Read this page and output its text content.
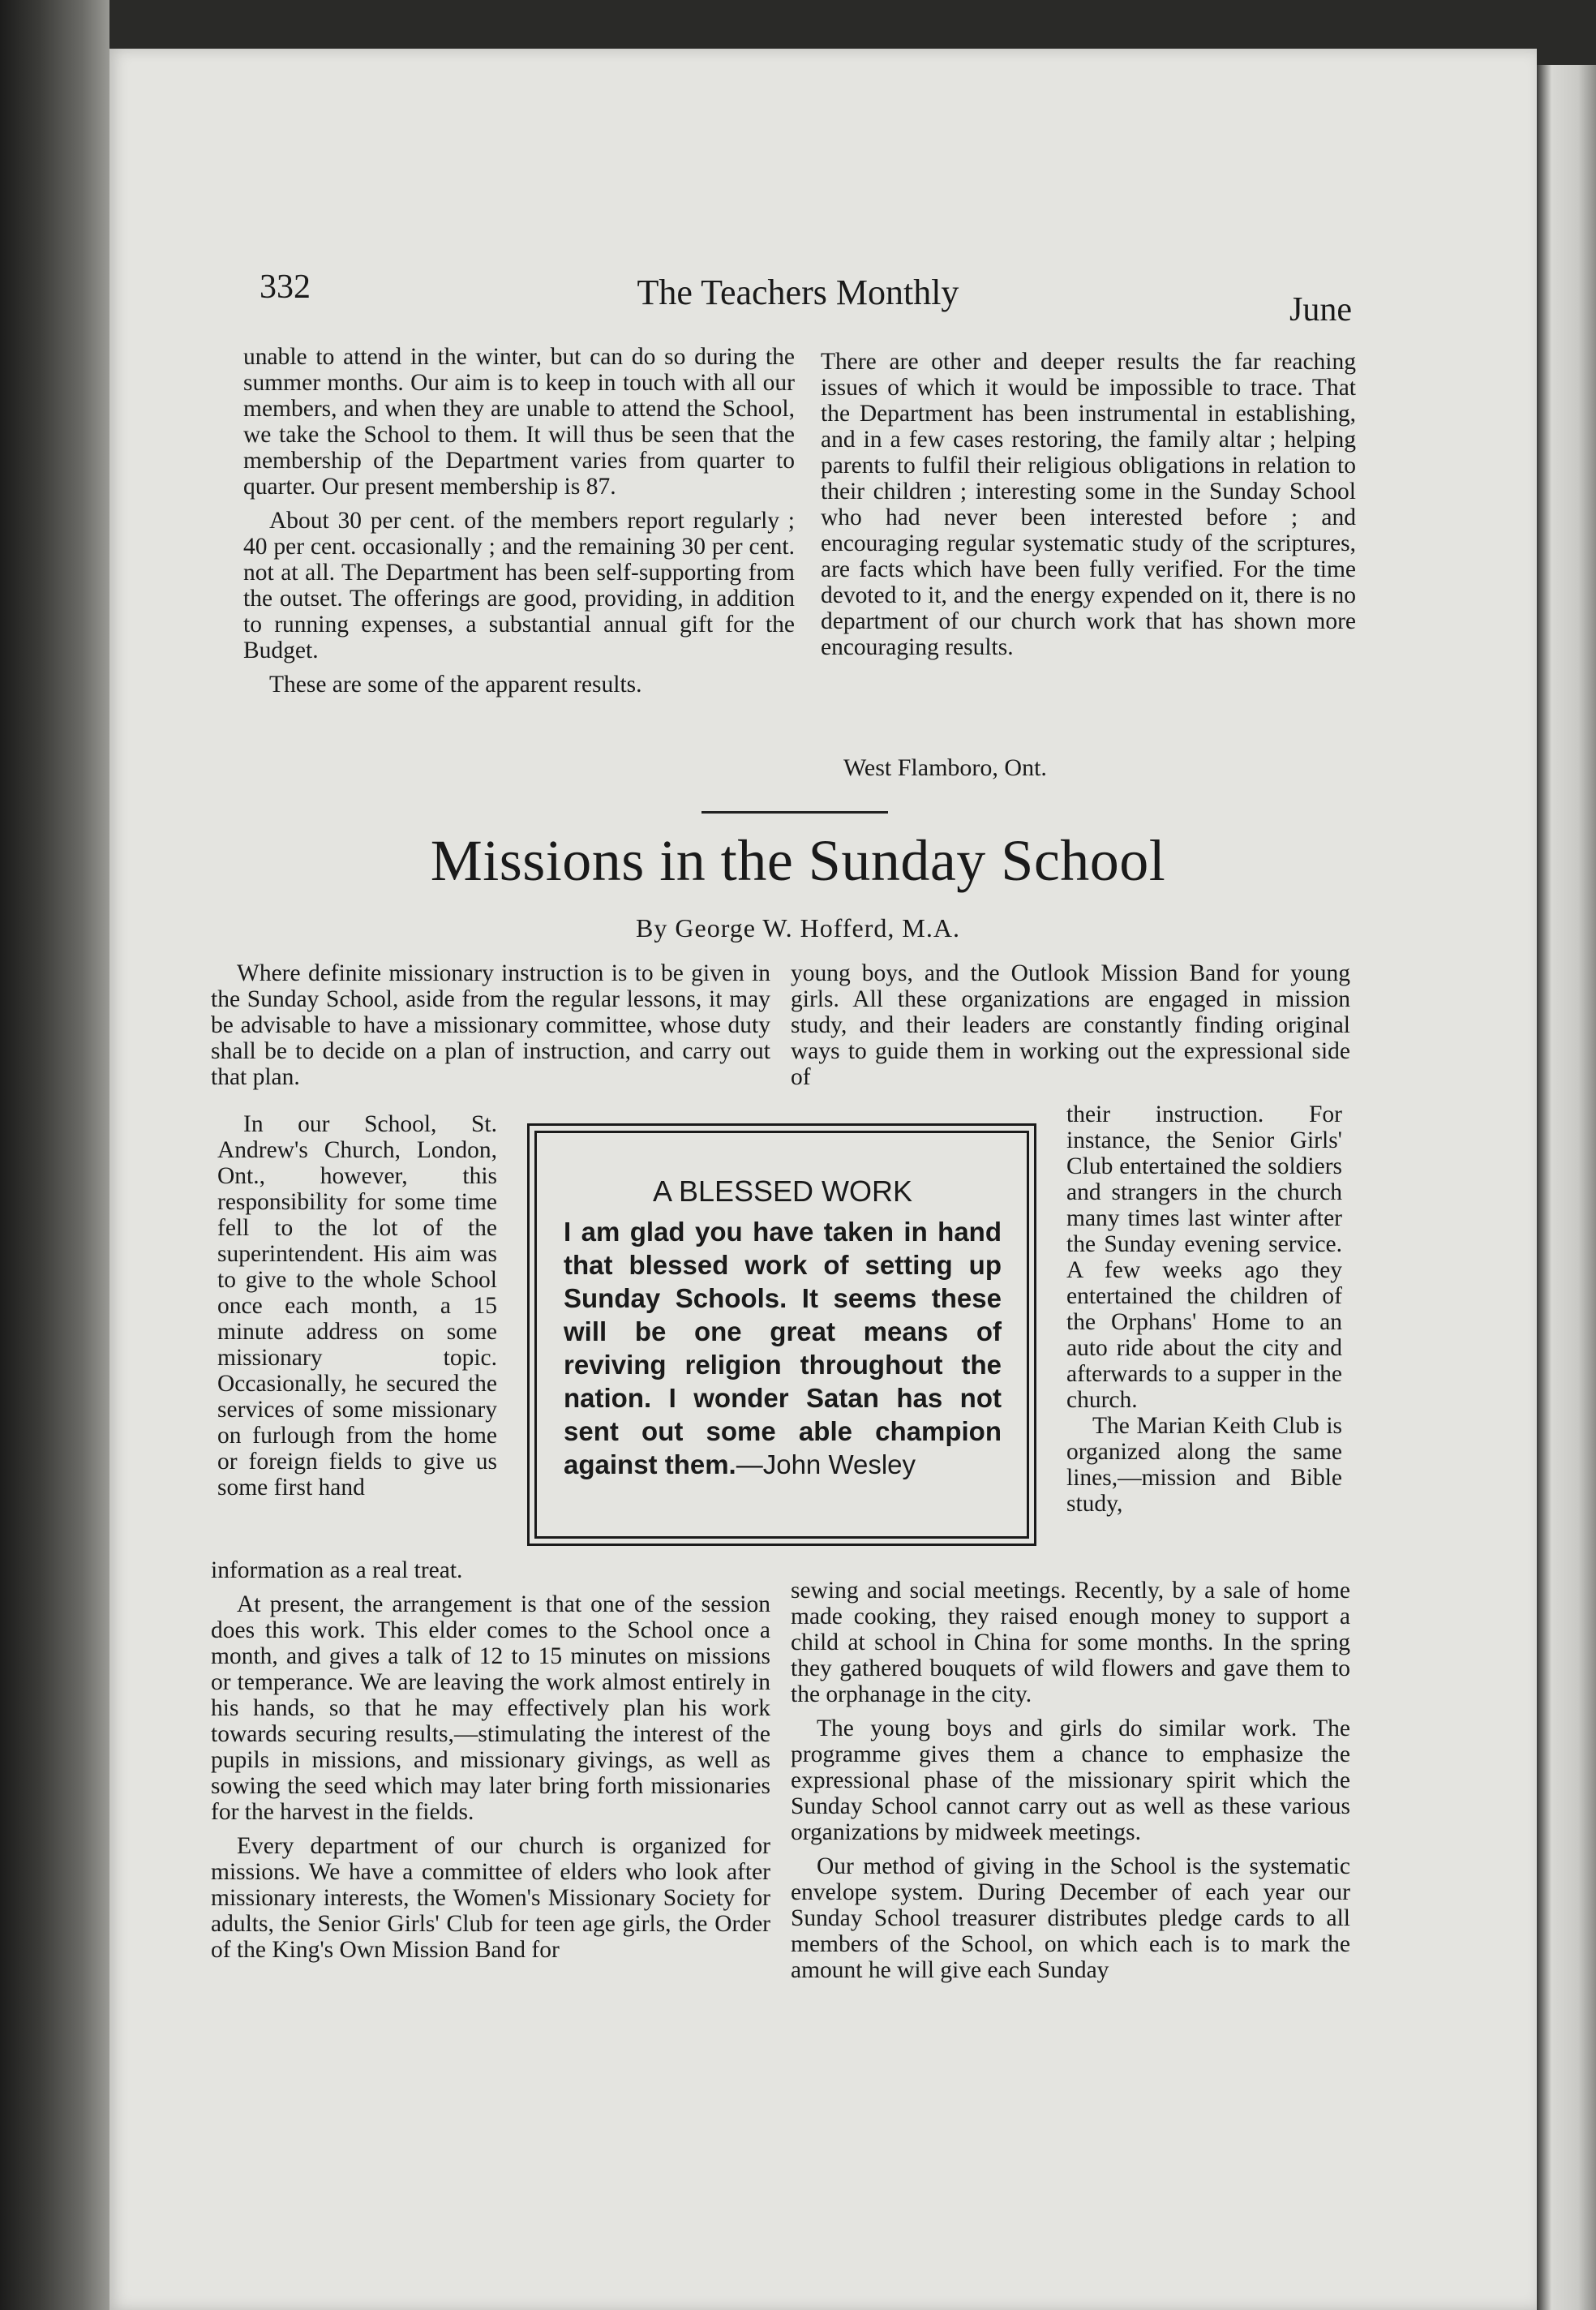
332	The Teachers Monthly	June

unable to attend in the winter, but can do so during the summer months. Our aim is to keep in touch with all our members, and when they are unable to attend the School, we take the School to them. It will thus be seen that the membership of the Department varies from quarter to quarter. Our present membership is 87.

About 30 per cent. of the members report regularly ; 40 per cent. occasionally ; and the remaining 30 per cent. not at all. The Department has been self-supporting from the outset. The offerings are good, providing, in addition to running expenses, a substantial annual gift for the Budget.

These are some of the apparent results.

There are other and deeper results the far reaching issues of which it would be impossible to trace. That the Department has been instrumental in establishing, and in a few cases restoring, the family altar ; helping parents to fulfil their religious obligations in relation to their children ; interesting some in the Sunday School who had never been interested before ; and encouraging regular systematic study of the scriptures, are facts which have been fully verified. For the time devoted to it, and the energy expended on it, there is no department of our church work that has shown more encouraging results.

West Flamboro, Ont.
Missions in the Sunday School
By George W. Hofferd, M.A.

Where definite missionary instruction is to be given in the Sunday School, aside from the regular lessons, it may be advisable to have a missionary committee, whose duty shall be to decide on a plan of instruction, and carry out that plan.

In our School, St. Andrew's Church, London, Ont., however, this responsibility for some time fell to the lot of the superintendent. His aim was to give to the whole School once each month, a 15 minute address on some missionary topic. Occasionally, he secured the services of some missionary on furlough from the home or foreign fields to give us some first hand

information as a real treat.

At present, the arrangement is that one of the session does this work. This elder comes to the School once a month, and gives a talk of 12 to 15 minutes on missions or temperance. We are leaving the work almost entirely in his hands, so that he may effectively plan his work towards securing results,—stimulating the interest of the pupils in missions, and missionary givings, as well as sowing the seed which may later bring forth missionaries for the harvest in the fields.

Every department of our church is organized for missions. We have a committee of elders who look after missionary interests, the Women's Missionary Society for adults, the Senior Girls' Club for teen age girls, the Order of the King's Own Mission Band for

young boys, and the Outlook Mission Band for young girls. All these organizations are engaged in mission study, and their leaders are constantly finding original ways to guide them in working out the expressional side of

their instruction. For instance, the Senior Girls' Club entertained the soldiers and strangers in the church many times last winter after the Sunday evening service. A few weeks ago they entertained the children of the Orphans' Home to an auto ride about the city and afterwards to a supper in the church.

The Marian Keith Club is organized along the same lines,—mission and Bible study,

sewing and social meetings. Recently, by a sale of home made cooking, they raised enough money to support a child at school in China for some months. In the spring they gathered bouquets of wild flowers and gave them to the orphanage in the city.

The young boys and girls do similar work. The programme gives them a chance to emphasize the expressional phase of the missionary spirit which the Sunday School cannot carry out as well as these various organizations by midweek meetings.

Our method of giving in the School is the systematic envelope system. During December of each year our Sunday School treasurer distributes pledge cards to all members of the School, on which each is to mark the amount he will give each Sunday

A BLESSED WORK
I am glad you have taken in hand that blessed work of setting up Sunday Schools. It seems these will be one great means of reviving religion throughout the nation. I wonder Satan has not sent out some able champion against them.—John Wesley
